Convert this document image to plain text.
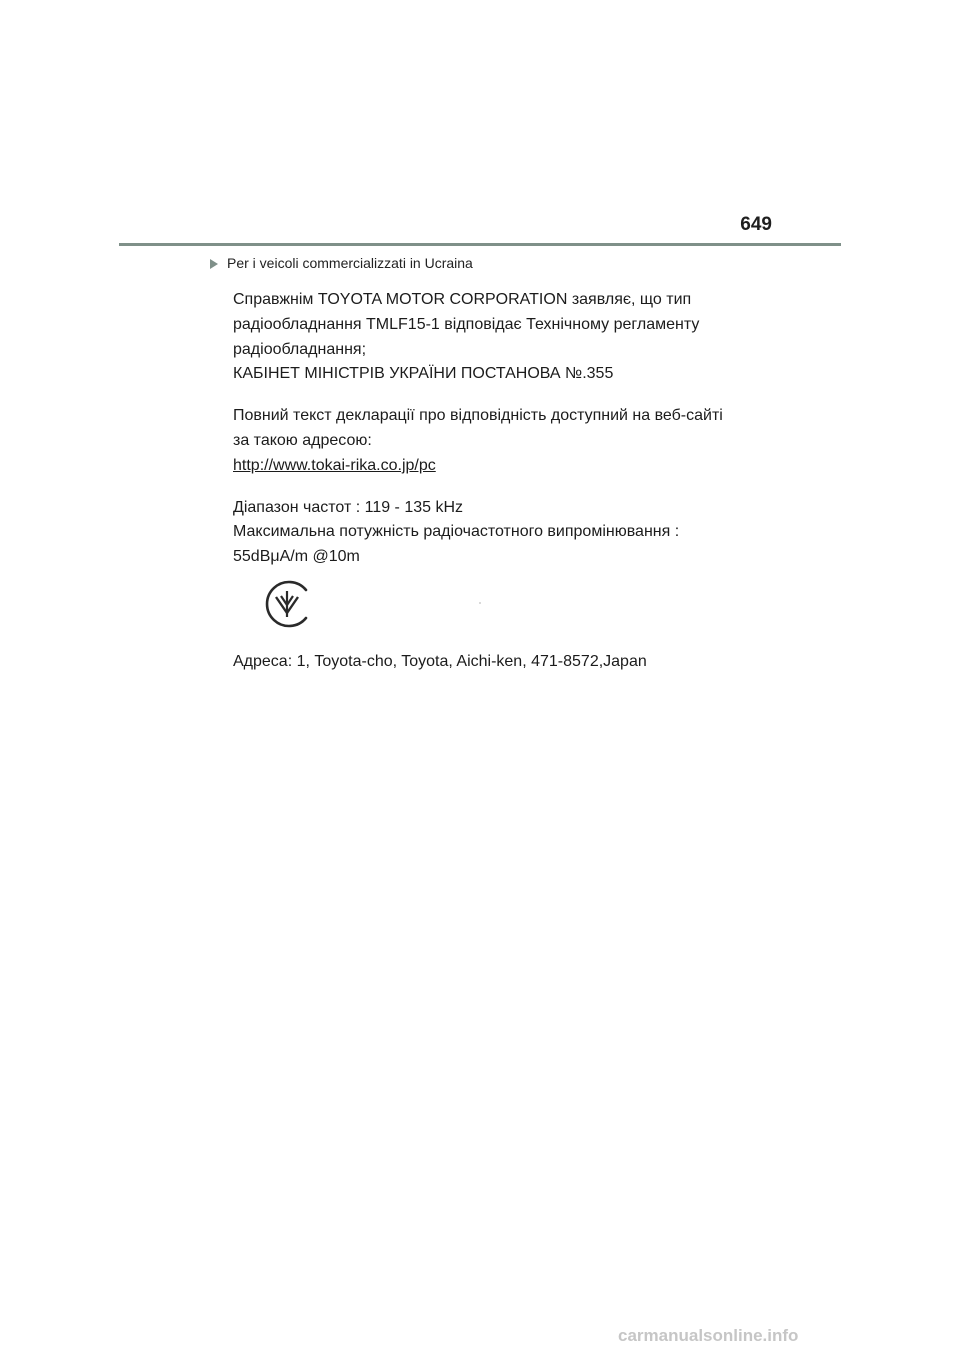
649
Per i veicoli commercializzati in Ucraina
Справжнім TOYOTA MOTOR CORPORATION заявляє, що тип
радіообладнання TMLF15-1 відповідає Технічному регламенту
радіообладнання;
КАБІНЕТ МІНІСТРІВ УКРАЇНИ ПОСТАНОВА №.355
Повний текст декларації про відповідність доступний на веб-сайті
за такою адресою:
http://www.tokai-rika.co.jp/pc
Діапазон частот : 119 - 135 kHz
Максимальна потужність радіочастотного випромінювання :
55dBμA/m @10m
Адреса: 1, Toyota-cho, Toyota, Aichi-ken, 471-8572,Japan
carmanualsonline.info
